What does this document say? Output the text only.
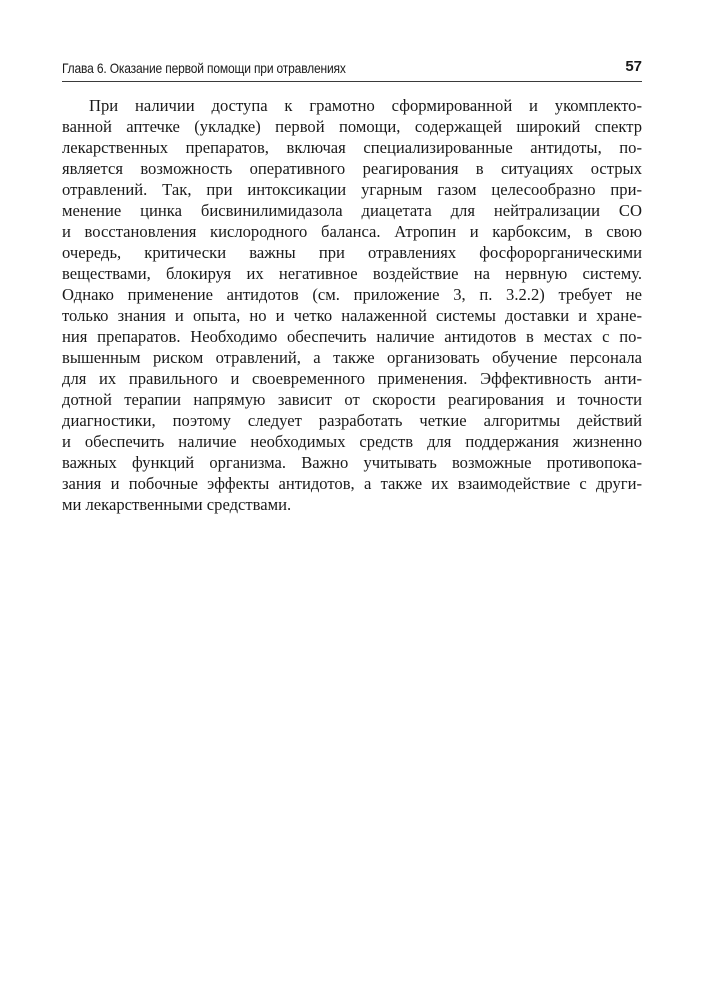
Глава 6. Оказание первой помощи при отравлениях	57
При наличии доступа к грамотно сформированной и укомплекто-
ванной аптечке (укладке) первой помощи, содержащей широкий спектр
лекарственных препаратов, включая специализированные антидоты, по-
является возможность оперативного реагирования в ситуациях острых
отравлений. Так, при интоксикации угарным газом целесообразно при-
менение цинка бисвинилимидазола диацетата для нейтрализации CO
и восстановления кислородного баланса. Атропин и карбоксим, в свою
очередь, критически важны при отравлениях фосфорорганическими
веществами, блокируя их негативное воздействие на нервную систему.
Однако применение антидотов (см. приложение 3, п. 3.2.2) требует не
только знания и опыта, но и четко налаженной системы доставки и хране-
ния препаратов. Необходимо обеспечить наличие антидотов в местах с по-
вышенным риском отравлений, а также организовать обучение персонала
для их правильного и своевременного применения. Эффективность анти-
дотной терапии напрямую зависит от скорости реагирования и точности
диагностики, поэтому следует разработать четкие алгоритмы действий
и обеспечить наличие необходимых средств для поддержания жизненно
важных функций организма. Важно учитывать возможные противопока-
зания и побочные эффекты антидотов, а также их взаимодействие с други-
ми лекарственными средствами.
